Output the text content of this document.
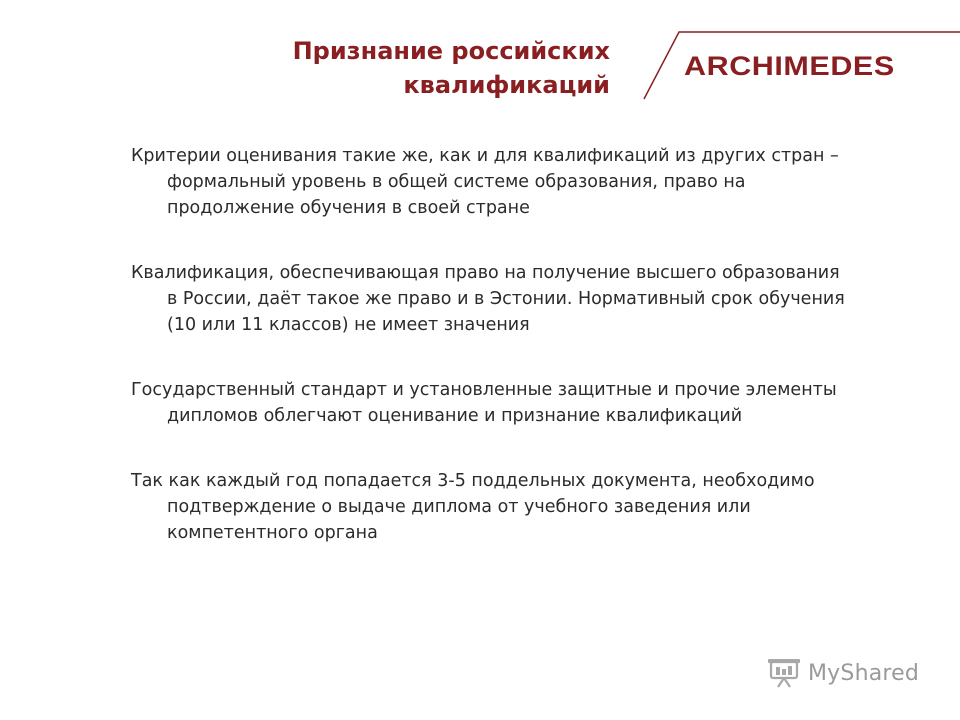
Признание российских
квалификаций
ARCHIMEDES

Критерии оценивания такие же, как и для квалификаций из других стран – формальный уровень в общей системе образования, право на продолжение обучения в своей стране

Квалификация, обеспечивающая право на получение высшего образования в России, даёт такое же право и в Эстонии. Нормативный срок обучения (10 или 11 классов) не имеет значения

Государственный стандарт и установленные защитные и прочие элементы дипломов облегчают оценивание и признание квалификаций

Так как каждый год попадается 3-5 поддельных документа, необходимо подтверждение о выдаче диплома от учебного заведения или компетентного органа

MyShared
